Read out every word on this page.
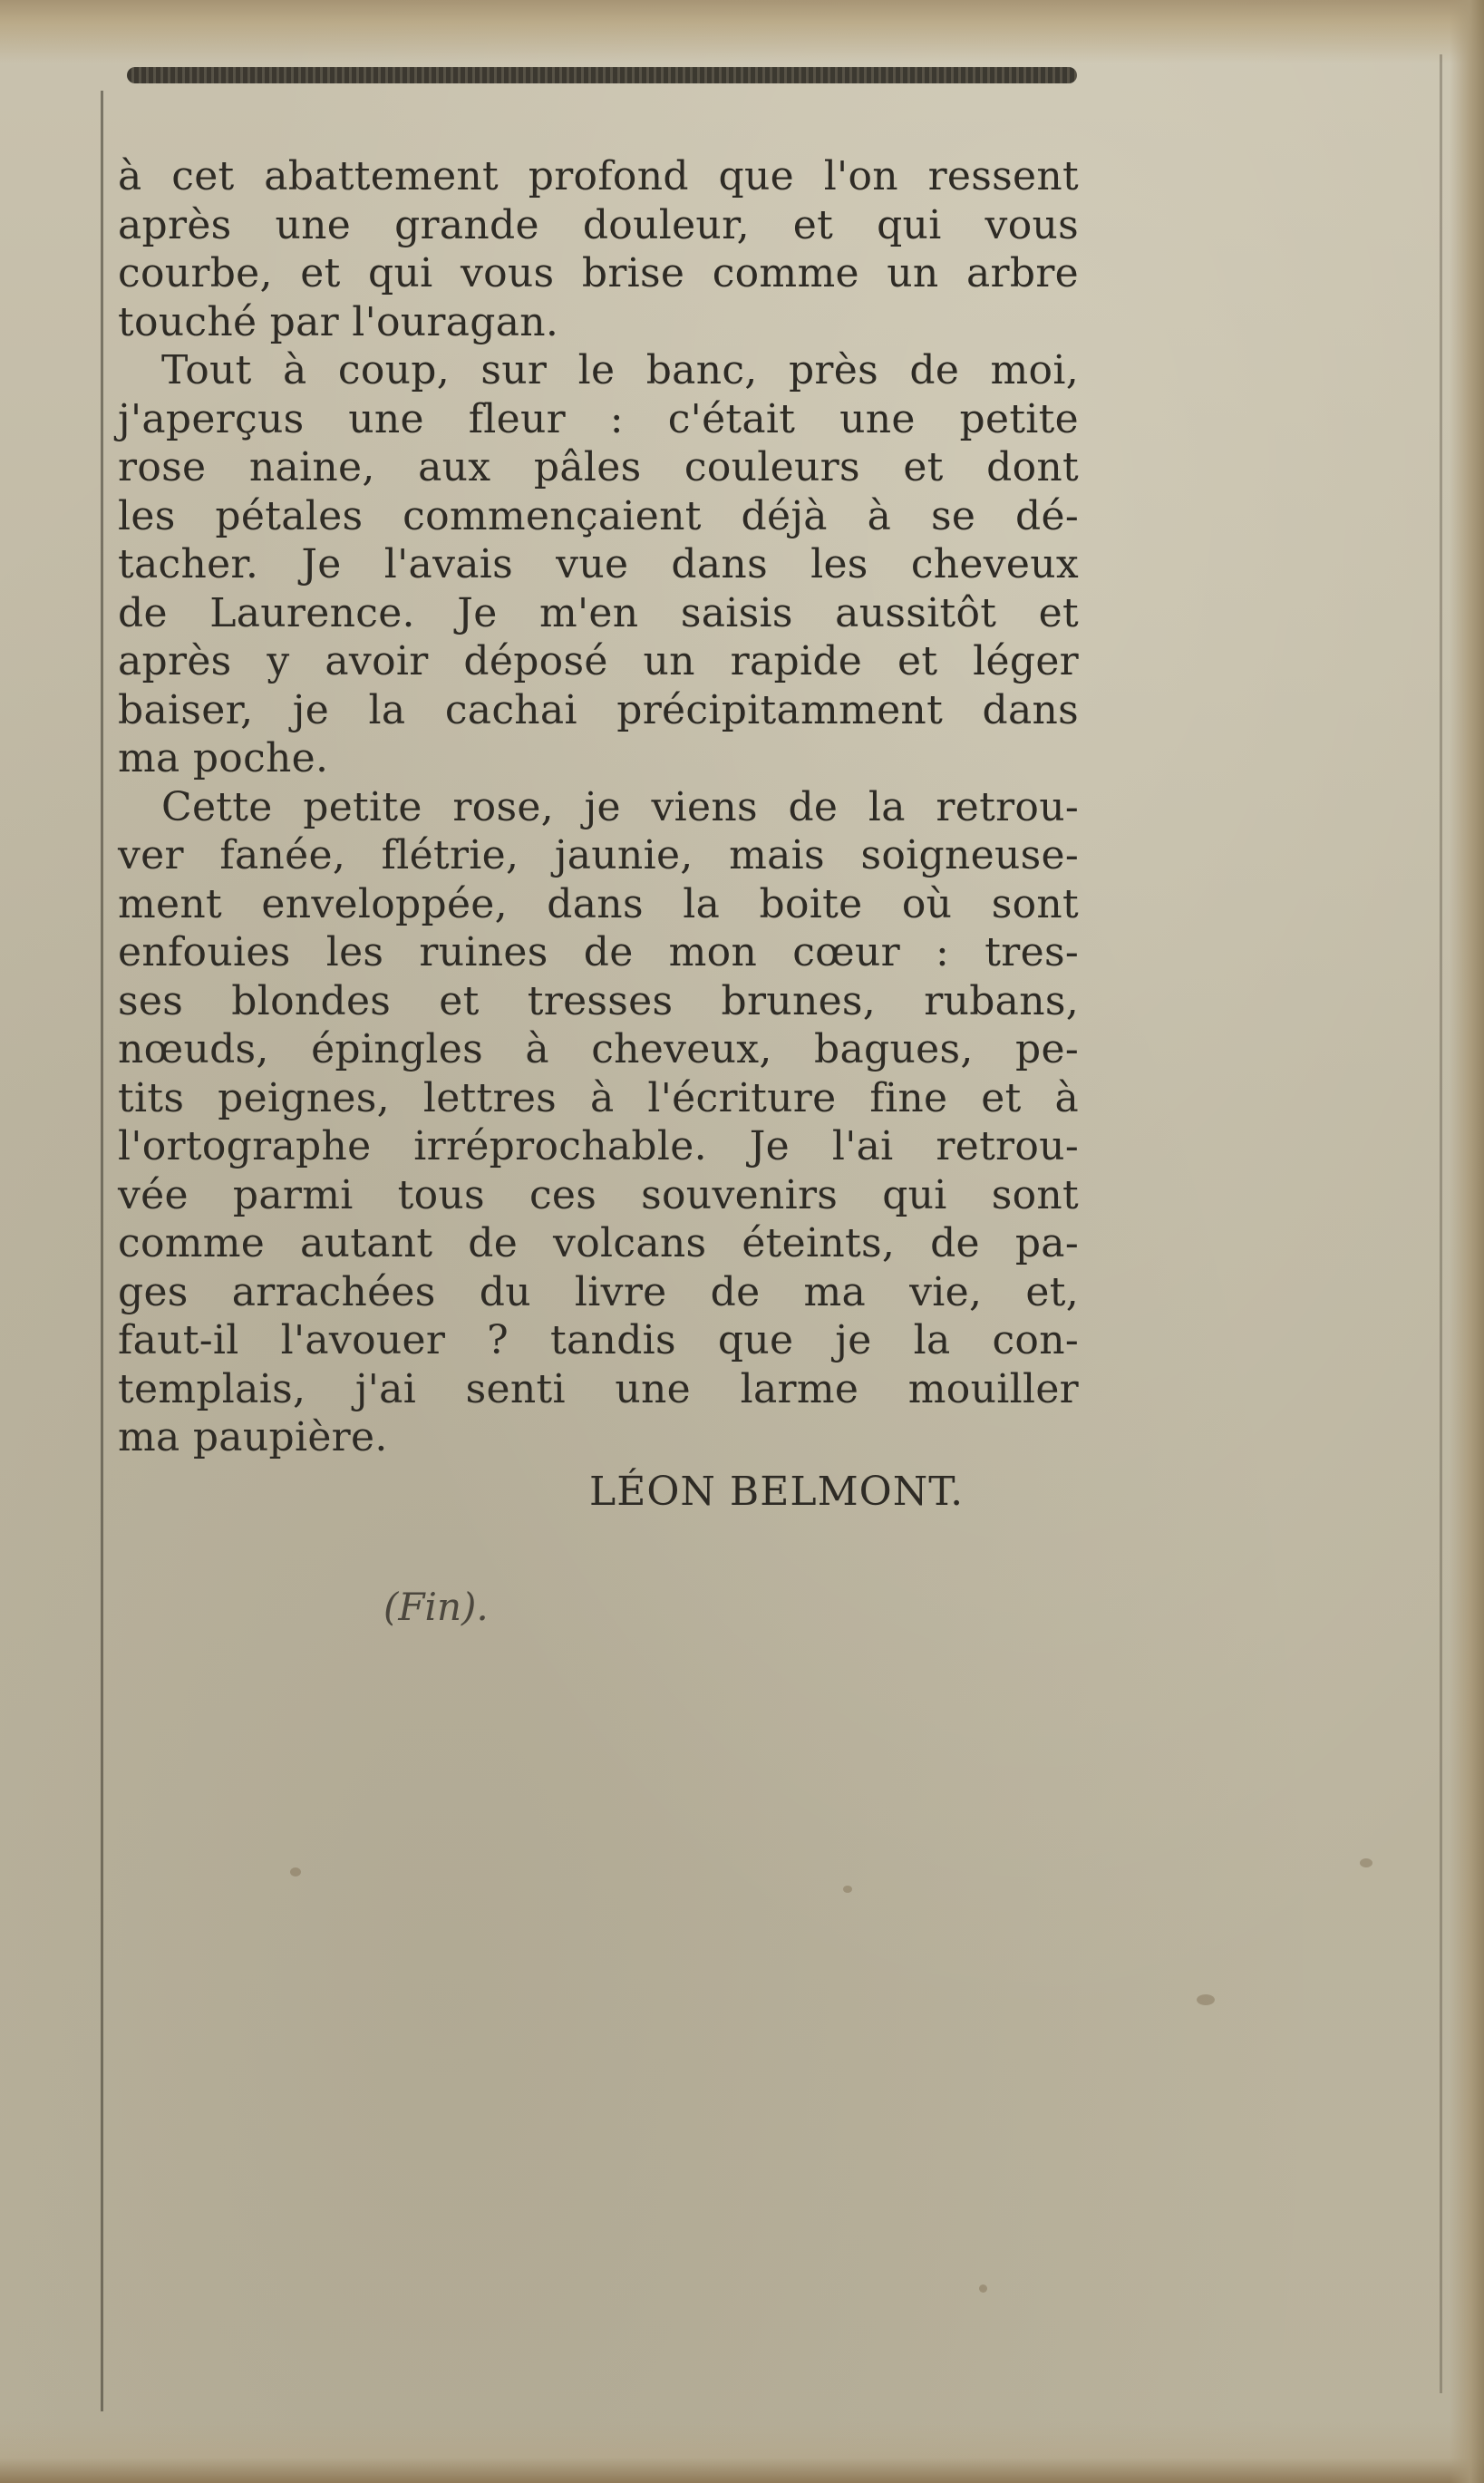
à cet abattement profond que l'on ressent
après une grande douleur, et qui vous
courbe, et qui vous brise comme un arbre
touché par l'ouragan.
Tout à coup, sur le banc, près de moi,
j'aperçus une fleur : c'était une petite
rose naine, aux pâles couleurs et dont
les pétales commençaient déjà à se dé-
tacher. Je l'avais vue dans les cheveux
de Laurence. Je m'en saisis aussitôt et
après y avoir déposé un rapide et léger
baiser, je la cachai précipitamment dans
ma poche.
Cette petite rose, je viens de la retrou-
ver fanée, flétrie, jaunie, mais soigneuse-
ment enveloppée, dans la boite où sont
enfouies les ruines de mon cœur : tres-
ses blondes et tresses brunes, rubans,
nœuds, épingles à cheveux, bagues, pe-
tits peignes, lettres à l'écriture fine et à
l'ortographe irréprochable. Je l'ai retrou-
vée parmi tous ces souvenirs qui sont
comme autant de volcans éteints, de pa-
ges arrachées du livre de ma vie, et,
faut-il l'avouer ? tandis que je la con-
templais, j'ai senti une larme mouiller
ma paupière.
LÉON BELMONT.
(Fin).
